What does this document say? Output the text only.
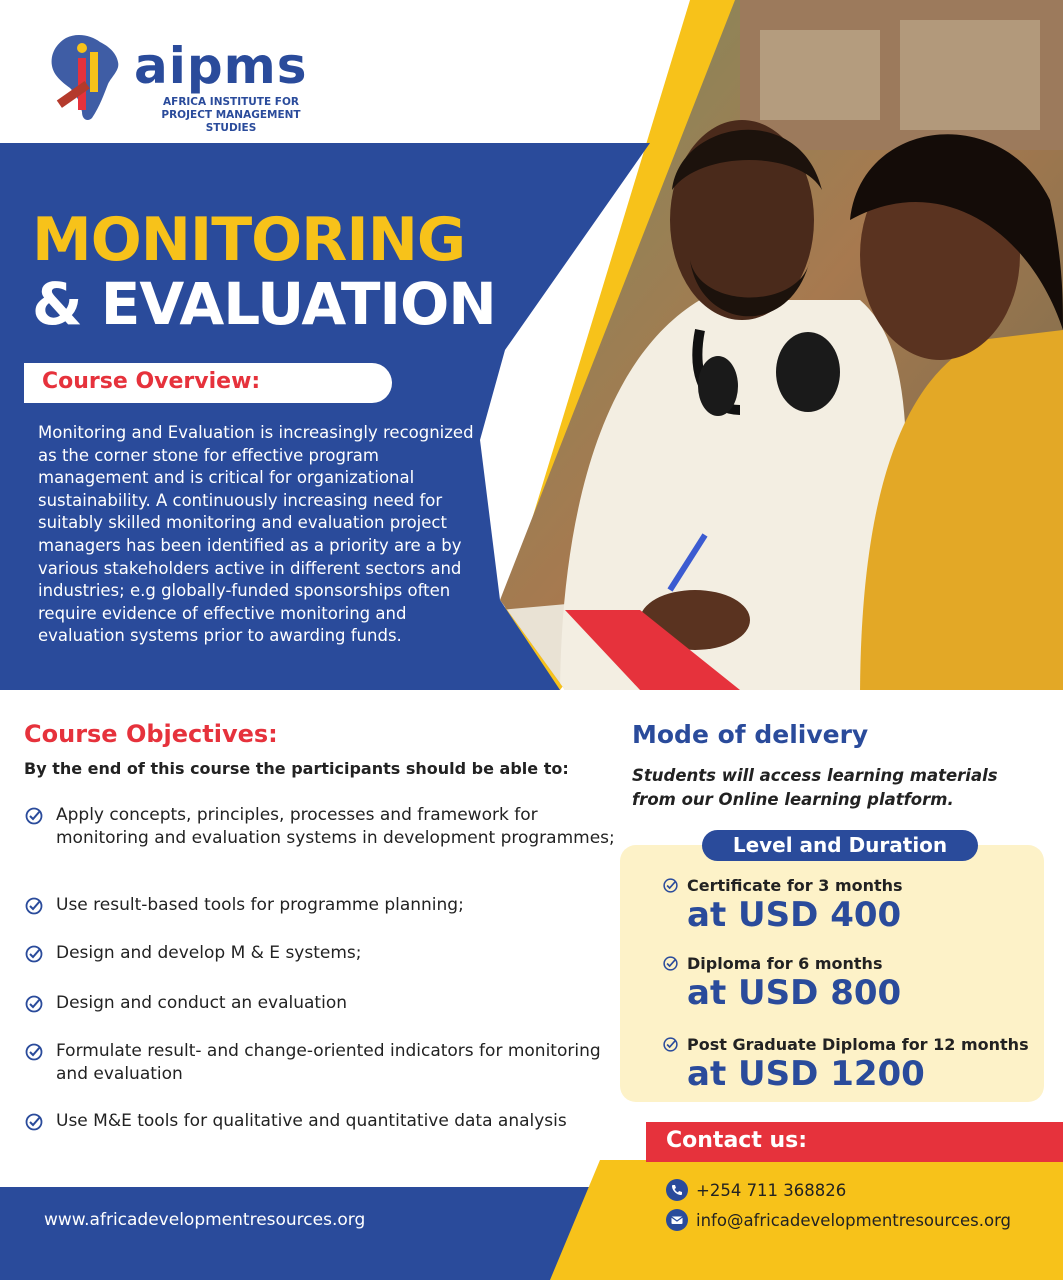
aipms
AFRICA INSTITUTE FOR
PROJECT MANAGEMENT STUDIES
MONITORING
& EVALUATION
Course Overview:
Monitoring and Evaluation is increasingly recognized as the corner stone for effective program management and is critical for organizational sustainability. A continuously increasing need for suitably skilled monitoring and evaluation project managers has been identified as a priority are a by various stakeholders active in different sectors and industries; e.g globally-funded sponsorships often require evidence of effective monitoring and evaluation systems prior to awarding funds.
Course Objectives:
By the end of this course the participants should be able to:
Apply concepts, principles, processes and framework for monitoring and evaluation systems in development programmes;
Use result-based tools for programme planning;
Design and develop M & E systems;
Design and conduct an evaluation
Formulate result- and change-oriented indicators for monitoring and evaluation
Use M&E tools for qualitative and quantitative data analysis
Mode of delivery
Students will access learning materials from our Online learning platform.
Level and Duration
Certificate for 3 months
at USD 400
Diploma for 6 months
at USD 800
Post Graduate Diploma for 12 months
at USD 1200
Contact us:
+254 711 368826
info@africadevelopmentresources.org
www.africadevelopmentresources.org
